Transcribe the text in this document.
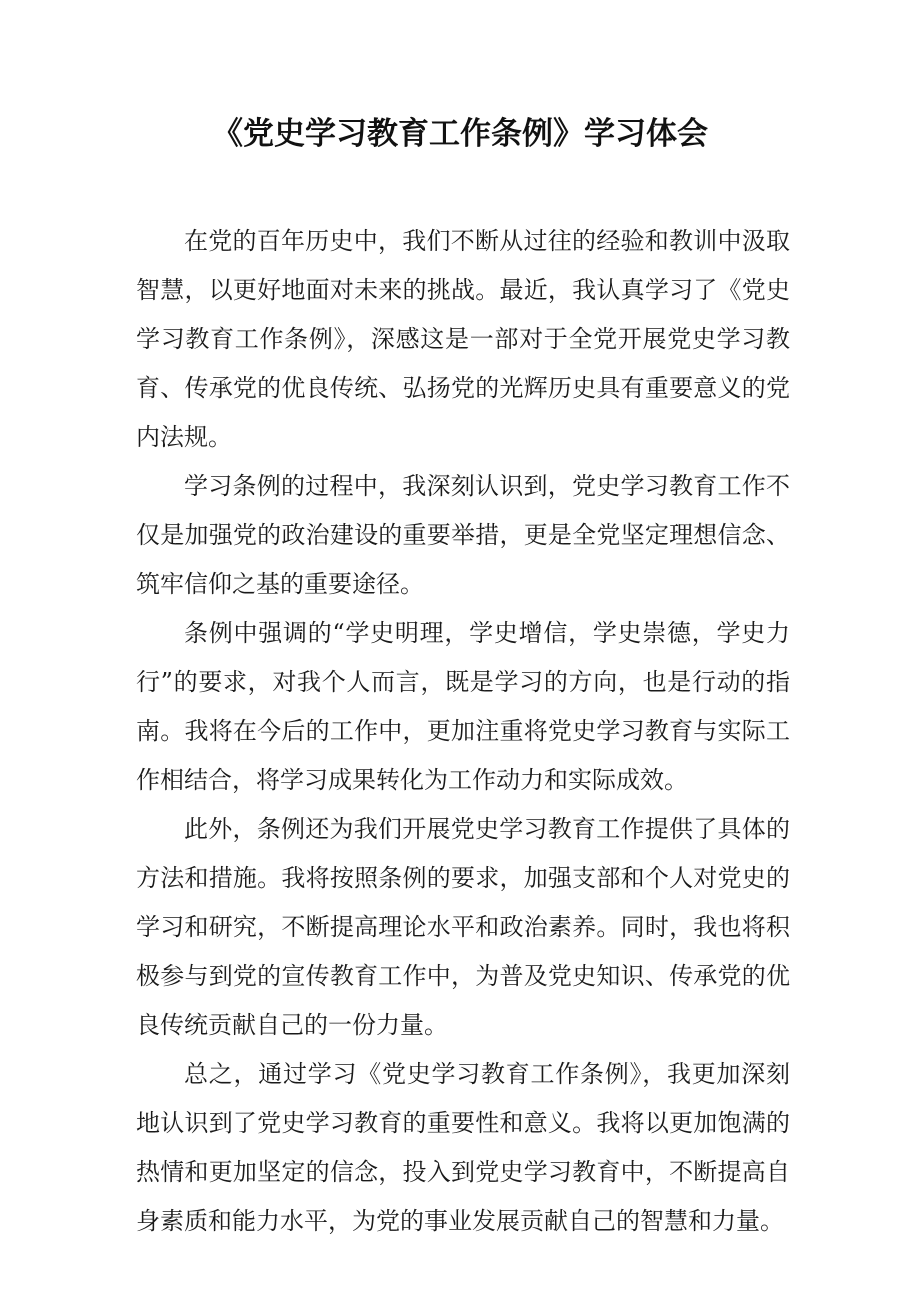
《党史学习教育工作条例》学习体会

在党的百年历史中，我们不断从过往的经验和教训中汲取智慧，以更好地面对未来的挑战。最近，我认真学习了《党史学习教育工作条例》，深感这是一部对于全党开展党史学习教育、传承党的优良传统、弘扬党的光辉历史具有重要意义的党内法规。

学习条例的过程中，我深刻认识到，党史学习教育工作不仅是加强党的政治建设的重要举措，更是全党坚定理想信念、筑牢信仰之基的重要途径。

条例中强调的“学史明理，学史增信，学史崇德，学史力行”的要求，对我个人而言，既是学习的方向，也是行动的指南。我将在今后的工作中，更加注重将党史学习教育与实际工作相结合，将学习成果转化为工作动力和实际成效。

此外，条例还为我们开展党史学习教育工作提供了具体的方法和措施。我将按照条例的要求，加强支部和个人对党史的学习和研究，不断提高理论水平和政治素养。同时，我也将积极参与到党的宣传教育工作中，为普及党史知识、传承党的优良传统贡献自己的一份力量。

总之，通过学习《党史学习教育工作条例》，我更加深刻地认识到了党史学习教育的重要性和意义。我将以更加饱满的热情和更加坚定的信念，投入到党史学习教育中，不断提高自身素质和能力水平，为党的事业发展贡献自己的智慧和力量。
